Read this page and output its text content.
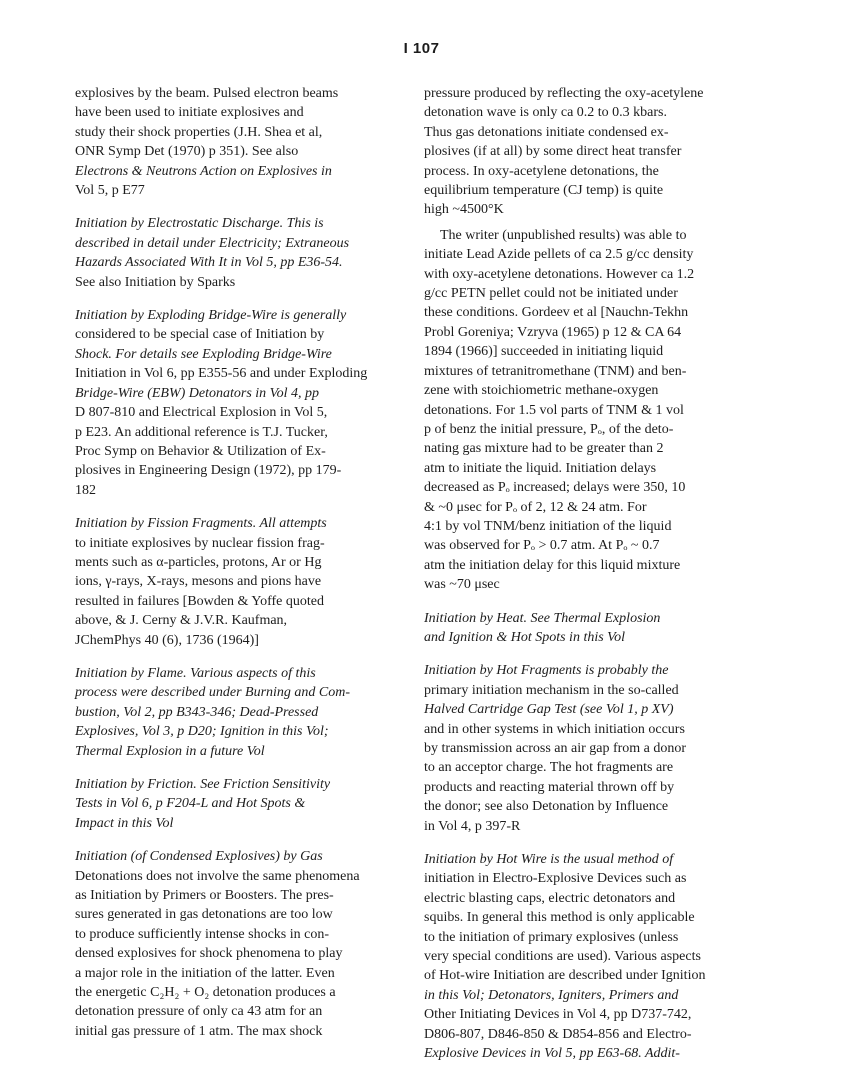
I 107
explosives by the beam. Pulsed electron beams
have been used to initiate explosives and
study their shock properties (J.H. Shea et al,
ONR Symp Det (1970) p 351). See also
Electrons & Neutrons Action on Explosives in
Vol 5, p E77
Initiation by Electrostatic Discharge. This is
described in detail under Electricity; Extraneous
Hazards Associated With It in Vol 5, pp E36-54.
See also Initiation by Sparks
Initiation by Exploding Bridge-Wire is generally
considered to be special case of Initiation by
Shock. For details see Exploding Bridge-Wire
Initiation in Vol 6, pp E355-56 and under Exploding
Bridge-Wire (EBW) Detonators in Vol 4, pp
D 807-810 and Electrical Explosion in Vol 5,
p E23. An additional reference is T.J. Tucker,
Proc Symp on Behavior & Utilization of Ex-
plosives in Engineering Design (1972), pp 179-
182
Initiation by Fission Fragments. All attempts
to initiate explosives by nuclear fission frag-
ments such as α-particles, protons, Ar or Hg
ions, γ-rays, X-rays, mesons and pions have
resulted in failures [Bowden & Yoffe quoted
above, & J. Cerny & J.V.R. Kaufman,
JChemPhys 40 (6), 1736 (1964)]
Initiation by Flame. Various aspects of this
process were described under Burning and Com-
bustion, Vol 2, pp B343-346; Dead-Pressed
Explosives, Vol 3, p D20; Ignition in this Vol;
Thermal Explosion in a future Vol
Initiation by Friction. See Friction Sensitivity
Tests in Vol 6, p F204-L and Hot Spots &
Impact in this Vol
Initiation (of Condensed Explosives) by Gas
Detonations does not involve the same phenomena
as Initiation by Primers or Boosters. The pres-
sures generated in gas detonations are too low
to produce sufficiently intense shocks in con-
densed explosives for shock phenomena to play
a major role in the initiation of the latter. Even
the energetic C₂H₂ + O₂ detonation produces a
detonation pressure of only ca 43 atm for an
initial gas pressure of 1 atm. The max shock
pressure produced by reflecting the oxy-acetylene
detonation wave is only ca 0.2 to 0.3 kbars.
Thus gas detonations initiate condensed ex-
plosives (if at all) by some direct heat transfer
process. In oxy-acetylene detonations, the
equilibrium temperature (CJ temp) is quite
high ~4500°K
The writer (unpublished results) was able to
initiate Lead Azide pellets of ca 2.5 g/cc density
with oxy-acetylene detonations. However ca 1.2
g/cc PETN pellet could not be initiated under
these conditions. Gordeev et al [Nauchn-Tekhn
Probl Goreniya; Vzryva (1965) p 12 & CA 64
1894 (1966)] succeeded in initiating liquid
mixtures of tetranitromethane (TNM) and ben-
zene with stoichiometric methane-oxygen
detonations. For 1.5 vol parts of TNM & 1 vol
p of benz the initial pressure, Pₒ, of the deto-
nating gas mixture had to be greater than 2
atm to initiate the liquid. Initiation delays
decreased as Pₒ increased; delays were 350, 10
& ~0 μsec for Pₒ of 2, 12 & 24 atm. For
4:1 by vol TNM/benz initiation of the liquid
was observed for Pₒ > 0.7 atm. At Pₒ ~ 0.7
atm the initiation delay for this liquid mixture
was ~70 μsec
Initiation by Heat. See Thermal Explosion
and Ignition & Hot Spots in this Vol
Initiation by Hot Fragments is probably the
primary initiation mechanism in the so-called
Halved Cartridge Gap Test (see Vol 1, p XV)
and in other systems in which initiation occurs
by transmission across an air gap from a donor
to an acceptor charge. The hot fragments are
products and reacting material thrown off by
the donor; see also Detonation by Influence
in Vol 4, p 397-R
Initiation by Hot Wire is the usual method of
initiation in Electro-Explosive Devices such as
electric blasting caps, electric detonators and
squibs. In general this method is only applicable
to the initiation of primary explosives (unless
very special conditions are used). Various aspects
of Hot-wire Initiation are described under Ignition
in this Vol; Detonators, Igniters, Primers and
Other Initiating Devices in Vol 4, pp D737-742,
D806-807, D846-850 & D854-856 and Electro-
Explosive Devices in Vol 5, pp E63-68. Addit-
